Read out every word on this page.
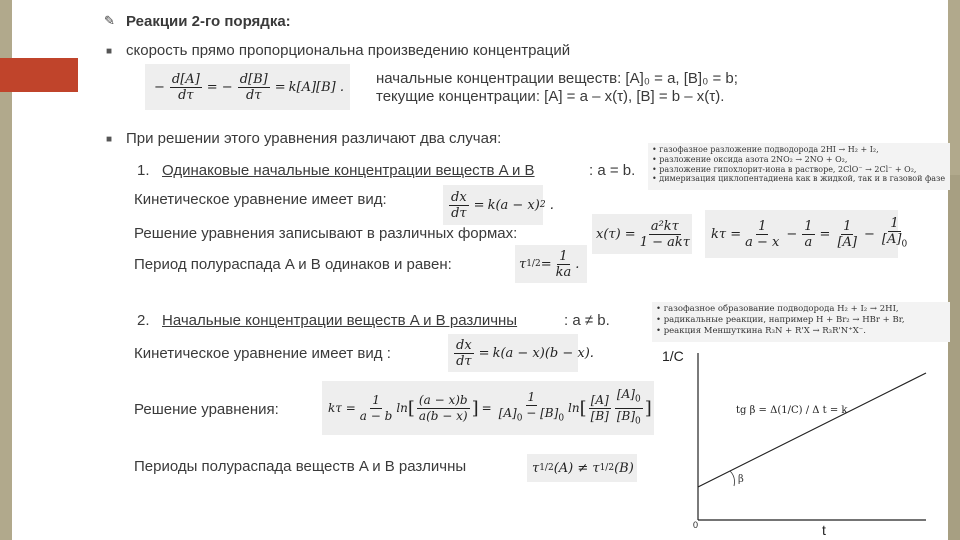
✎ Реакции 2-го порядка:
■ скорость прямо пропорциональна произведению концентраций
− $\frac{d[A]}{d\tau}$ = − $\frac{d[B]}{d\tau} = k[A][B]$ .	начальные концентрации веществ: [A]₀ = a, [B]₀ = b;
текущие концентрации: [A] = a – x(τ), [B] = b – x(τ).
■ При решении этого уравнения различают два случая:
1. Одинаковые начальные концентрации веществ A и B	: a = b.
• газофазное разложение подводорода 2HI → H₂ + I₂,
• разложение оксида азота 2NO₂ → 2NO + O₂,
• разложение гипохлорит-иона в растворе, 2ClO⁻ → 2Cl⁻ + O₂,
• димеризация циклопентадиена как в жидкой, так и в газовой фазе
Кинетическое уравнение имеет вид:	$\frac{dx}{d\tau} = k(a - x)$ 2 .
Решение уравнения записывают в различных формах:	$x(\tau) = \frac{\text{a²kτ}}{\text{1 − akτ}}$	$k\tau = \frac{1}{a - x} - \frac{1}{a} = \frac{1}{[A]} - \frac{1}{[A]_0}$
Период полураспада A и B одинаков и равен:	τ $1/2 = \frac{1}{ka}$ .
2. Начальные концентрации веществ A и B различны	: a ≠ b.
• газофазное образование подводорода H₂ + I₂ → 2HI,
• радикальные реакции, например H + Br₂ → HBr + Br,
• реакция Меншуткина R₃N + R'X → R₃R'N⁺X⁻.
Кинетическое уравнение имеет вид :	$\frac{dx}{d\tau} = k(a - x)(b - x)$.
Решение уравнения:	$k\tau = \frac{1}{a - b}$ ln [ $\frac{(a - x)b}{a(b - x)}$ ] = $\frac{1}{[A]_0 - [B]_0}$ ln [ $\frac{[A]}{[B]} \frac{[A]_0}{[B]_0}$ ]
Периоды полураспада веществ A и B различны	τ 1/2 (A) ≠ τ 1/2 (B)
1/C
t
0
β
tg β = Δ(1/C) / Δ t = k
